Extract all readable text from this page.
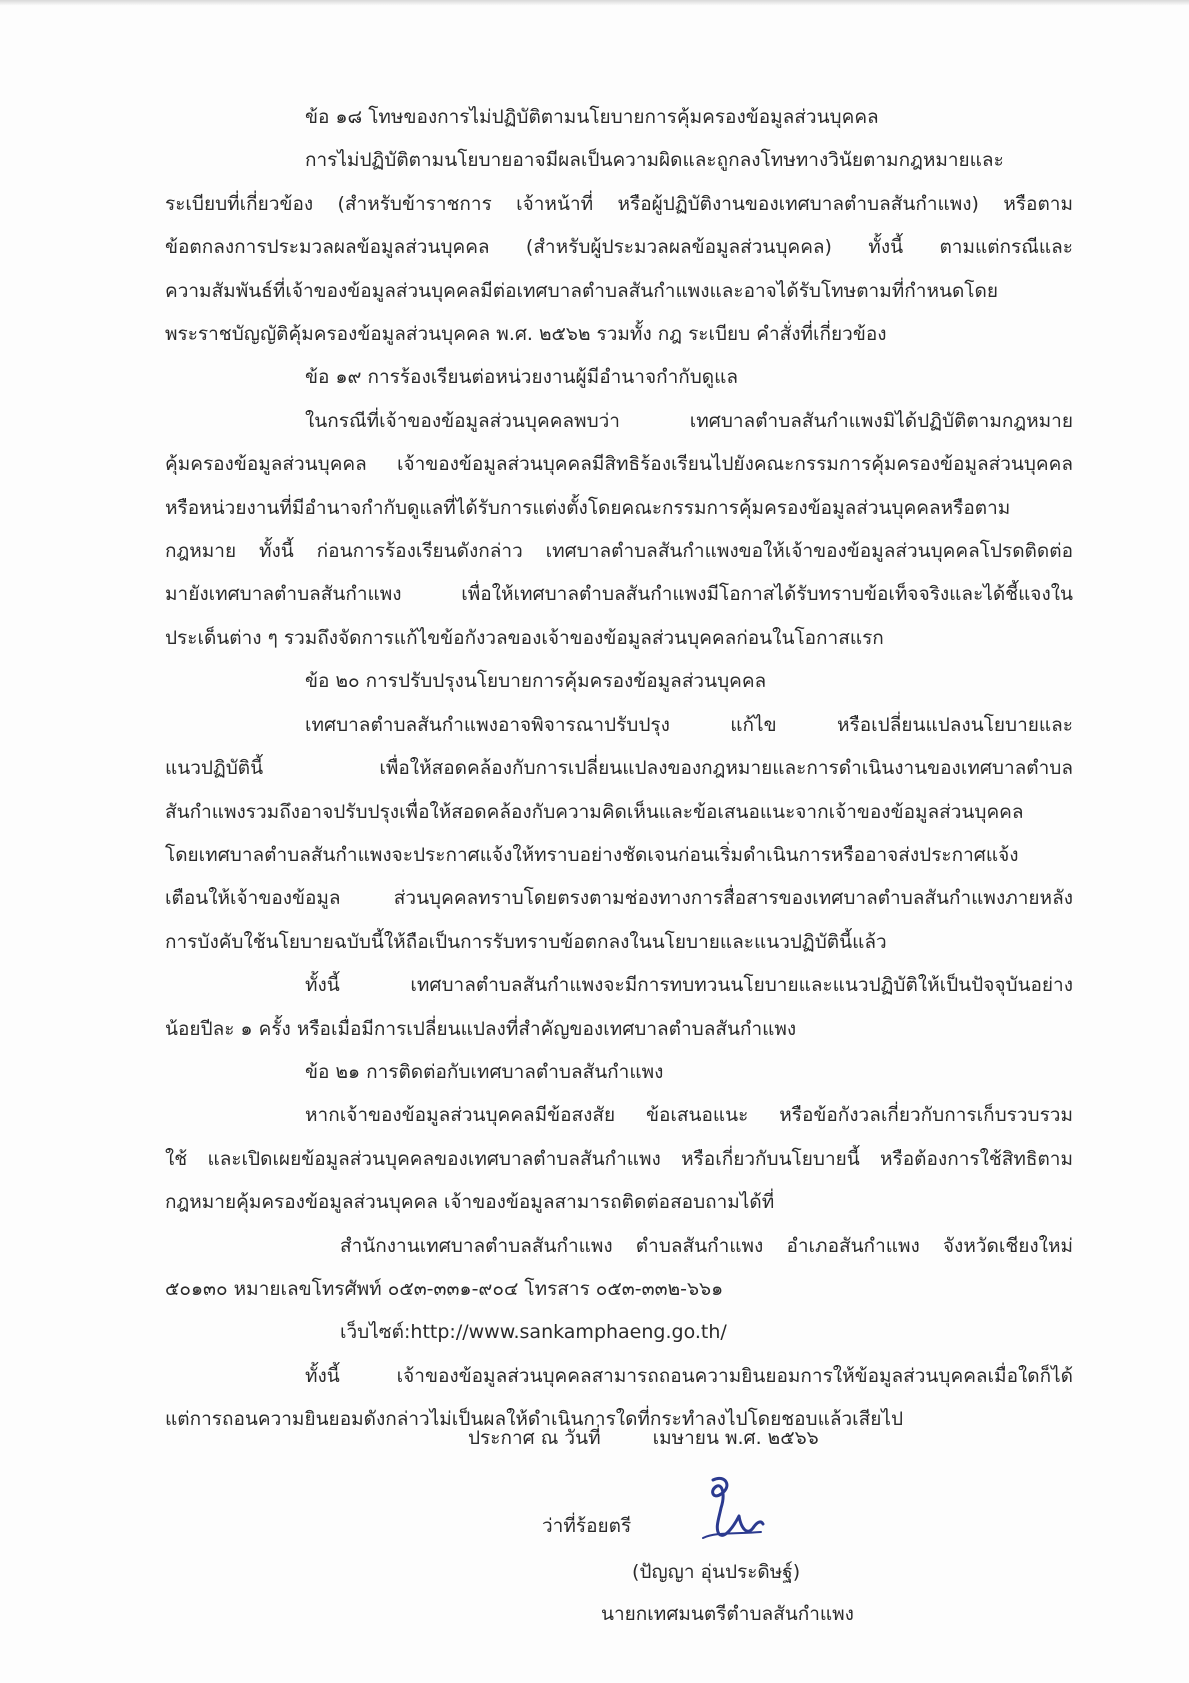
ข้อ ๑๘ โทษของการไม่ปฏิบัติตามนโยบายการคุ้มครองข้อมูลส่วนบุคคล

การไม่ปฏิบัติตามนโยบายอาจมีผลเป็นความผิดและถูกลงโทษทางวินัยตามกฎหมายและ

ระเบียบที่เกี่ยวข้อง (สำหรับข้าราชการ เจ้าหน้าที่ หรือผู้ปฏิบัติงานของเทศบาลตำบลสันกำแพง) หรือตาม

ข้อตกลงการประมวลผลข้อมูลส่วนบุคคล (สำหรับผู้ประมวลผลข้อมูลส่วนบุคคล) ทั้งนี้ ตามแต่กรณีและ

ความสัมพันธ์ที่เจ้าของข้อมูลส่วนบุคคลมีต่อเทศบาลตำบลสันกำแพงและอาจได้รับโทษตามที่กำหนดโดย

พระราชบัญญัติคุ้มครองข้อมูลส่วนบุคคล พ.ศ. ๒๕๖๒ รวมทั้ง กฎ ระเบียบ คำสั่งที่เกี่ยวข้อง

ข้อ ๑๙ การร้องเรียนต่อหน่วยงานผู้มีอำนาจกำกับดูแล

ในกรณีที่เจ้าของข้อมูลส่วนบุคคลพบว่า เทศบาลตำบลสันกำแพงมิได้ปฏิบัติตามกฎหมาย

คุ้มครองข้อมูลส่วนบุคคล เจ้าของข้อมูลส่วนบุคคลมีสิทธิร้องเรียนไปยังคณะกรรมการคุ้มครองข้อมูลส่วนบุคคล

หรือหน่วยงานที่มีอำนาจกำกับดูแลที่ได้รับการแต่งตั้งโดยคณะกรรมการคุ้มครองข้อมูลส่วนบุคคลหรือตาม

กฎหมาย ทั้งนี้ ก่อนการร้องเรียนดังกล่าว เทศบาลตำบลสันกำแพงขอให้เจ้าของข้อมูลส่วนบุคคลโปรดติดต่อ

มายังเทศบาลตำบลสันกำแพง เพื่อให้เทศบาลตำบลสันกำแพงมีโอกาสได้รับทราบข้อเท็จจริงและได้ชี้แจงใน

ประเด็นต่าง ๆ รวมถึงจัดการแก้ไขข้อกังวลของเจ้าของข้อมูลส่วนบุคคลก่อนในโอกาสแรก

ข้อ ๒๐ การปรับปรุงนโยบายการคุ้มครองข้อมูลส่วนบุคคล

เทศบาลตำบลสันกำแพงอาจพิจารณาปรับปรุง แก้ไข หรือเปลี่ยนแปลงนโยบายและ

แนวปฏิบัตินี้ เพื่อให้สอดคล้องกับการเปลี่ยนแปลงของกฎหมายและการดำเนินงานของเทศบาลตำบล

สันกำแพงรวมถึงอาจปรับปรุงเพื่อให้สอดคล้องกับความคิดเห็นและข้อเสนอแนะจากเจ้าของข้อมูลส่วนบุคคล

โดยเทศบาลตำบลสันกำแพงจะประกาศแจ้งให้ทราบอย่างชัดเจนก่อนเริ่มดำเนินการหรืออาจส่งประกาศแจ้ง

เตือนให้เจ้าของข้อมูล ส่วนบุคคลทราบโดยตรงตามช่องทางการสื่อสารของเทศบาลตำบลสันกำแพงภายหลัง

การบังคับใช้นโยบายฉบับนี้ให้ถือเป็นการรับทราบข้อตกลงในนโยบายและแนวปฏิบัตินี้แล้ว

ทั้งนี้ เทศบาลตำบลสันกำแพงจะมีการทบทวนนโยบายและแนวปฏิบัติให้เป็นปัจจุบันอย่าง

น้อยปีละ ๑ ครั้ง หรือเมื่อมีการเปลี่ยนแปลงที่สำคัญของเทศบาลตำบลสันกำแพง

ข้อ ๒๑ การติดต่อกับเทศบาลตำบลสันกำแพง

หากเจ้าของข้อมูลส่วนบุคคลมีข้อสงสัย ข้อเสนอแนะ หรือข้อกังวลเกี่ยวกับการเก็บรวบรวม

ใช้ และเปิดเผยข้อมูลส่วนบุคคลของเทศบาลตำบลสันกำแพง หรือเกี่ยวกับนโยบายนี้ หรือต้องการใช้สิทธิตาม

กฎหมายคุ้มครองข้อมูลส่วนบุคคล เจ้าของข้อมูลสามารถติดต่อสอบถามได้ที่

สำนักงานเทศบาลตำบลสันกำแพง ตำบลสันกำแพง อำเภอสันกำแพง จังหวัดเชียงใหม่

๕๐๑๓๐ หมายเลขโทรศัพท์ ๐๕๓-๓๓๑-๙๐๔ โทรสาร ๐๕๓-๓๓๒-๖๖๑

เว็บไซต์:http://www.sankamphaeng.go.th/

ทั้งนี้ เจ้าของข้อมูลส่วนบุคคลสามารถถอนความยินยอมการให้ข้อมูลส่วนบุคคลเมื่อใดก็ได้

แต่การถอนความยินยอมดังกล่าวไม่เป็นผลให้ดำเนินการใดที่กระทำลงไปโดยชอบแล้วเสียไป

ประกาศ ณ วันที่	เมษายน พ.ศ. ๒๕๖๖
ว่าที่ร้อยตรี
(ปัญญา อุ่นประดิษฐ์)
นายกเทศมนตรีตำบลสันกำแพง
